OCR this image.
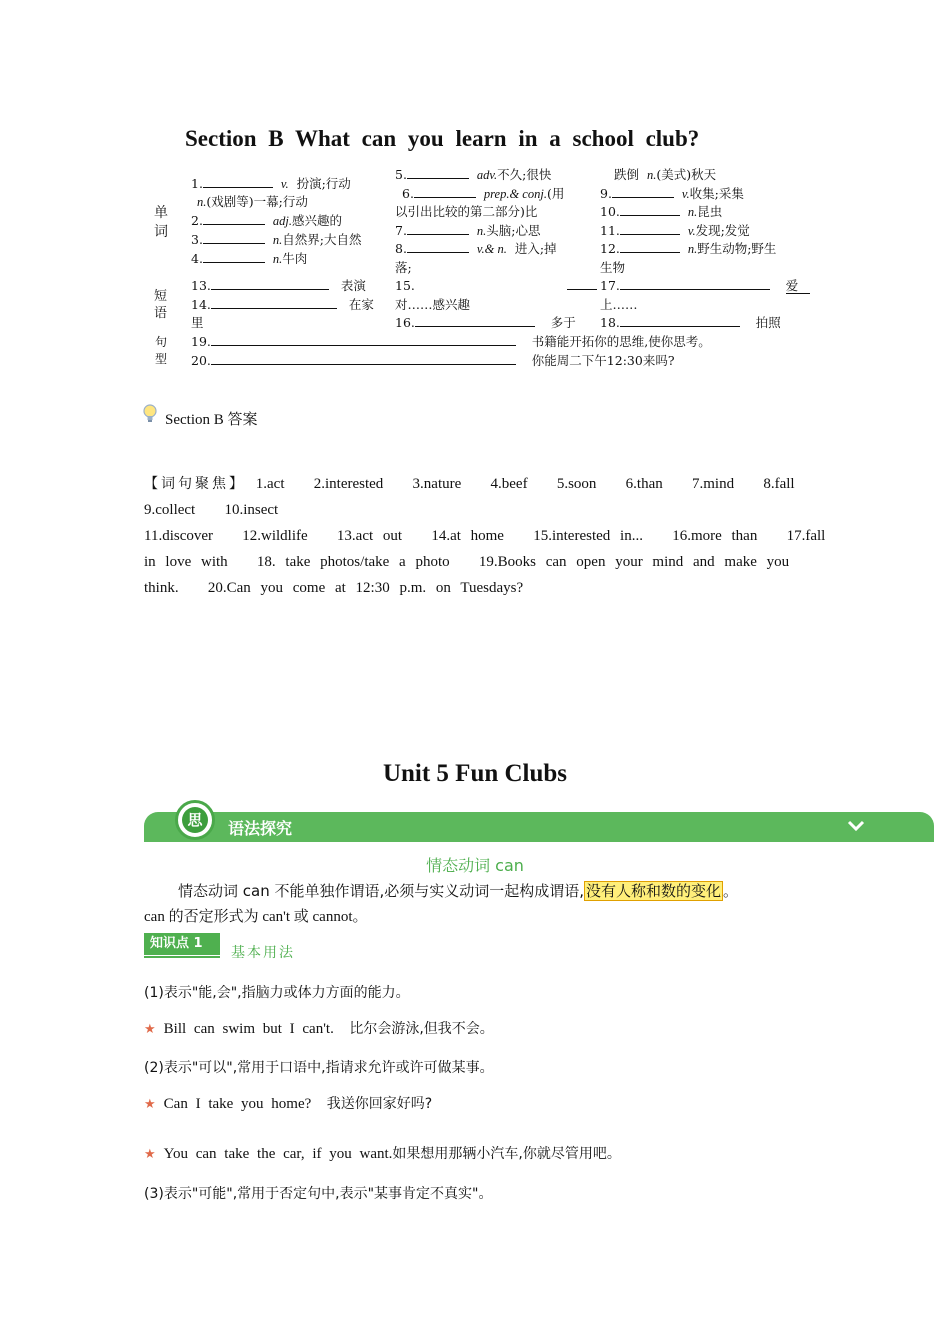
Section B What can you learn in a school club?
单词
短语
句型
1.	v. 扮演;行动
n.(戏剧等)一幕;行动
2.	adj.感兴趣的
3.	n.自然界;大自然
4.	n.牛肉
5.	adv.不久;很快
6.	prep.& conj.(用
以引出比较的第二部分)比
7.	n.头脑;心思
8.	v.& n. 进入;掉
落;
跌倒 n.(美式)秋天
9.	v.收集;采集
10.	n.昆虫
11.	v.发现;发觉
12.	n.野生动物;野生
生物
13.	表演
14.	在家
里
15.
对……感兴趣
16.	多于
17.	爱
上……
18.	拍照
19.	书籍能开拓你的思维,使你思考。
20.	你能周二下午12:30来吗?
Section B 答案
【词句聚焦】 1.act   2.interested   3.nature   4.beef   5.soon   6.than   7.mind   8.fall
9.collect   10.insect
11.discover   12.wildlife   13.act out   14.at home   15.interested in...   16.more than   17.fall
in love with   18. take photos/take a photo   19.Books can open your mind and make you
think.   20.Can you come at 12:30 p.m. on Tuesdays?
Unit 5 Fun Clubs
思	语法探究
情态动词 can
情态动词 can 不能单独作谓语,必须与实义动词一起构成谓语, 没有人称和数的变化 。
can 的否定形式为 can't 或 cannot。
知识点 1
基本用法
(1)表示"能,会",指脑力或体力方面的能力。
★ Bill can swim but I can't. 比尔会游泳,但我不会。
(2)表示"可以",常用于口语中,指请求允许或许可做某事。
★ Can I take you home? 我送你回家好吗?
★ You can take the car, if you want.如果想用那辆小汽车,你就尽管用吧。
(3)表示"可能",常用于否定句中,表示"某事肯定不真实"。
